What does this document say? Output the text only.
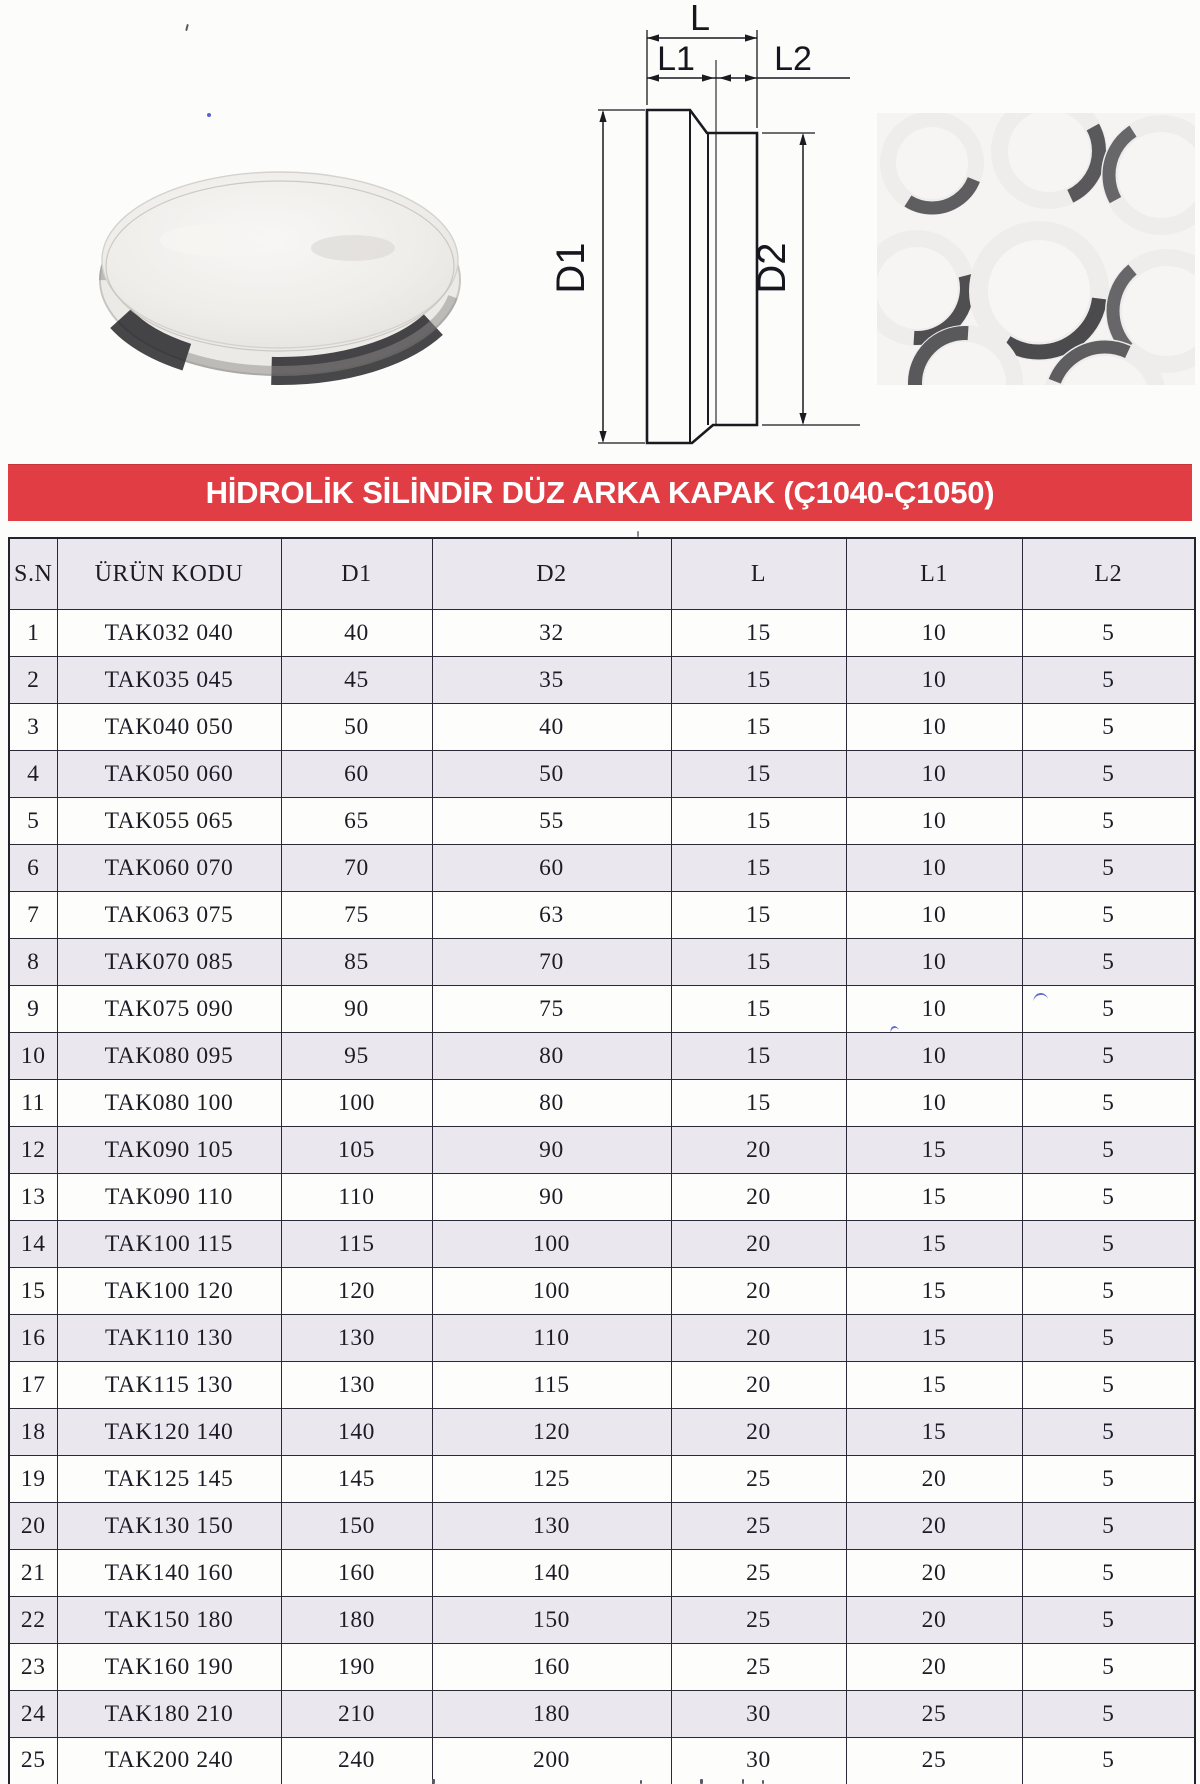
L
L1 L2
D1	D2
HİDROLİK SİLİNDİR DÜZ ARKA KAPAK (Ç1040-Ç1050)
S.N	ÜRÜN KODU	D1	D2	L	L1	L2
1	TAK032 040	40	32	15	10	5
2	TAK035 045	45	35	15	10	5
3	TAK040 050	50	40	15	10	5
4	TAK050 060	60	50	15	10	5
5	TAK055 065	65	55	15	10	5
6	TAK060 070	70	60	15	10	5
7	TAK063 075	75	63	15	10	5
8	TAK070 085	85	70	15	10	5
9	TAK075 090	90	75	15	10	5
10	TAK080 095	95	80	15	10	5
11	TAK080 100	100	80	15	10	5
12	TAK090 105	105	90	20	15	5
13	TAK090 110	110	90	20	15	5
14	TAK100 115	115	100	20	15	5
15	TAK100 120	120	100	20	15	5
16	TAK110 130	130	110	20	15	5
17	TAK115 130	130	115	20	15	5
18	TAK120 140	140	120	20	15	5
19	TAK125 145	145	125	25	20	5
20	TAK130 150	150	130	25	20	5
21	TAK140 160	160	140	25	20	5
22	TAK150 180	180	150	25	20	5
23	TAK160 190	190	160	25	20	5
24	TAK180 210	210	180	30	25	5
25	TAK200 240	240	200	30	25	5
